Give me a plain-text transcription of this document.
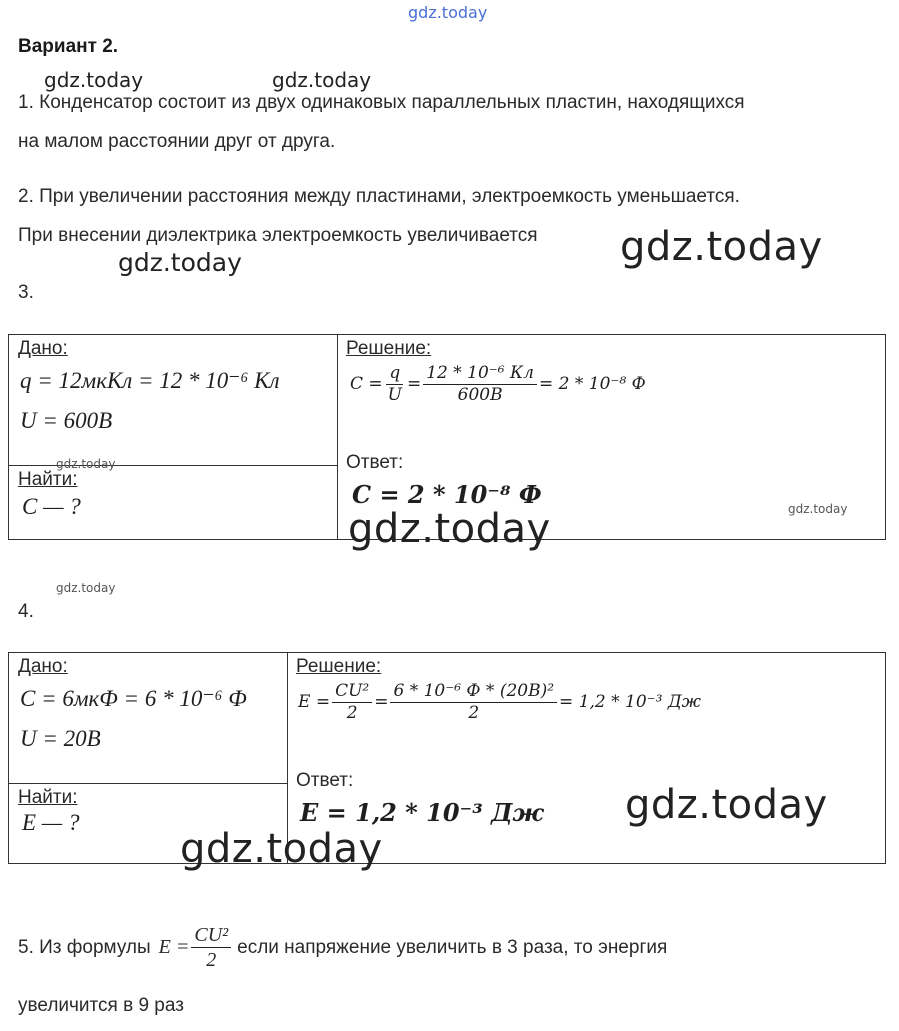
gdz.today
Вариант 2.
gdz.today	gdz.today
1. Конденсатор состоит из двух одинаковых параллельных пластин, находящихся
на малом расстоянии друг от друга.
2. При увеличении расстояния между пластинами, электроемкость уменьшается.
При внесении диэлектрика электроемкость увеличивается gdz.today
gdz.today
3.
Дано:
q = 12мкКл = 12 * 10⁻⁶ Кл
U = 600В
gdz.today
Найти:
C — ?
Решение:
$C = \frac{q}{U} = \frac{\text{12 * 10⁻⁶ Кл}}{600В} = 2 * 10^{-8}$ Ф
Ответ:
C = 2 * 10⁻⁸ Ф	gdz.today
gdz.today
gdz.today
4.
Дано:
C = 6мкФ = 6 * 10⁻⁶ Ф
U = 20В
Найти:
E — ?
Решение:
$E = \frac{\text{CU²}}{2} = \frac{\text{6 * 10⁻⁶ Ф * (20В)²}}{2} = 1,2 * 10^{-3}$ Дж
Ответ:
E = 1,2 * 10⁻³ Дж gdz.today
gdz.today
5. Из формулы $E = \frac{\text{CU²}}{2}$ если напряжение увеличить в 3 раза, то энергия
увеличится в 9 раз
